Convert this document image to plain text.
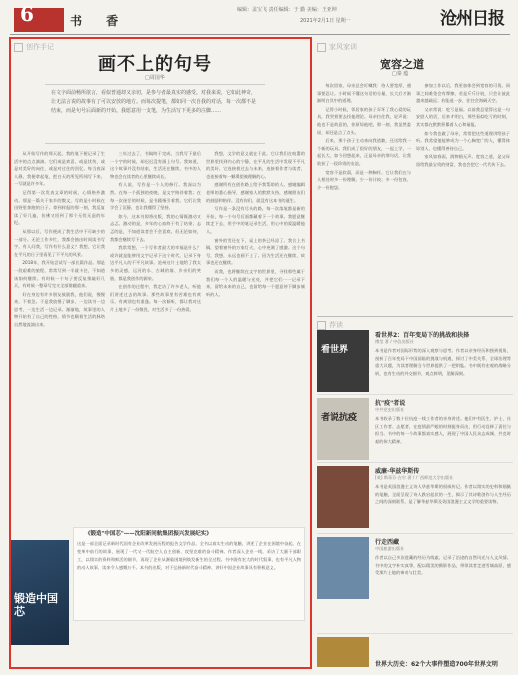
6	书 香
编辑：盖宝飞 责任编辑：于 勤 美编：王亚坤
2021年2月1日 星期一	沧州日报
创作手记
画不上的句号
□周国华
在文字面前畅所欲言，看似普通却又亲切，是参与者最真实的感受。对我来说，它如此神奇，让无法言说的故事有了可以安放的地方。而每次提笔，都如同一次自我的对话，每一次都不是结束，而是句号后面新的开始。我愿意用一支笔，为生活写下更多的注脚……

从开始写作的那天起，我的笔下便记录了生活中的点点滴滴。它们或是欢喜，或是忧伤，或是对美好的向往，或是对过往的回忆。每当夜深人静，我便拿起笔，把白天的所见所闻写下来，一写就是许多年。

记得第一次发表文章的时候，心情格外激动。那是一篇关于家乡的散文，写的是小时候在田野里奔跑的日子。拿到样报的那一刻，我反复读了好几遍，仿佛又回到了那个无忧无虑的年纪。

从那以后，写作便成了我生活中不可缺少的一部分。无论工作多忙，我都会抽出时间读书写字。有人问我，写作有什么意义？我想，它让我在平凡的日子里看见了不平凡的风景。

2018年，我开始尝试写一部长篇作品。那是一段艰难的旅程，常常写到一半就卡住，不知道该如何继续。有时候一个句子要反复推敲好几天，有时候一整章写完又全部推翻重来。

好在身边有许多朋友鼓励我，他们说，慢慢来，不着急。于是我放慢了脚步，一边读书一边思考，一边生活一边记录。渐渐地，故事里的人物开始有了自己的性格，情节也顺着生活的脉络自然地流淌出来。

三年过去了，书稿终于完成。当我写下最后一个字的时候，却迟迟没有画上句号。我知道，这个故事并没有结束，生活还在继续，书中的人物也会在读者的心里继续成长。

有人说，写作是一个人的修行。我深以为然。在每一个孤独的夜晚，是文字陪伴着我；在每一次迷茫的时候，是书籍指引着我。它们让我学会了沉静，也让我懂得了坚持。

如今，这本书即将出版，我的心情既激动又忐忑。激动的是，多年的心血终于有了结果；忐忑的是，不知道读者会不会喜欢。但无论如何，我都会继续写下去。

我常常想，一个写作者最大的幸福是什么？或许就是能够用文字记录下这个时代，记录下身边平凡人的不平凡故事。沧州这片土地给了我太多的灵感，运河的水、古城的墙、乡亲们的笑脸，都是我创作的源泉。

在创作的过程中，我走访了许多老人，听他们讲述过去的故事。那些故事里有苦难也有欢乐，有离别也有重逢。每一次倾听，都让我对这片土地多了一份敬畏，对生活多了一份热爱。

我想，文学的意义就在于此。它让我们在喧嚣的世界里找到内心的宁静，在平凡的生活中发现不平凡的美好。它连接着过去与未来，连接着作者与读者，也连接着每一颗渴望被理解的心。

感谢所有在创作路上给予我帮助的人。感谢编辑老师的悉心指导，感谢家人的默默支持，感谢朋友们的鼓励和陪伴。没有你们，就没有这本书的诞生。

写作是一条没有尽头的路。每一次落笔都是新的开始，每一个句号后面都藏着下一个故事。我愿意继续走下去，用手中的笔记录生活，用心中的爱温暖他人。

窗外的雪还在下，桌上的茶已经凉了。我合上书稿，望着窗外的万家灯火，心中充满了感激。这个句号，我想，永远也画不上了。因为生活还在继续，故事也还在继续。

而我，也将继续在文字的世界里，寻找那些属于我们每一个人的温暖与光亮，并把它们一一记录下来，留给未来的自己，也留给每一个愿意停下脚步倾听的人。

锻造中国芯
《锻造"中国芯"——沈阳新同航集团振兴发展纪实》
这是一部全面记录新时代国有企业改革发展历程的报告文学作品。全书以真实生动的笔触，讲述了企业在困境中奋起、在变革中前行的故事，展现了一代又一代航空人自主创新、攻坚克难的奋斗精神。作者深入企业一线，采访了大量干部职工，以翔实的资料和鲜活的细节，再现了企业从濒临困境到焕发新生的全过程。书中既有宏大的时代叙事，也有平凡人物的动人故事，读来令人感慨万千。本书的出版，对于弘扬新时代奋斗精神、讲好中国企业故事具有积极意义。
家风家训
宽容之道
□秦 蕴

每次回家，母亲总会叮嘱我：待人要宽厚，遇事要忍让。小时候不懂这句话的分量，长大后才渐渐明白其中的道理。

记得小时候，邻居家的孩子弄坏了我心爱的玩具，我哭着要去找他理论。母亲拉住我，轻声说：他也不是故意的，你原谅他吧。那一刻，我虽然委屈，却还是点了点头。

后来，那个孩子主动来向我道歉，还送给我一个新的玩具。我们成了很好的朋友，一起上学，一起长大。如今回想起来，正是母亲的那句话，让我收获了一段珍贵的友谊。

宽容不是软弱，而是一种胸怀。它让我们在与人相处时多一份理解，少一份计较；多一份包容，少一份抱怨。

参加工作以后，我更加体会到宽容的可贵。同事之间难免会有摩擦，若是斤斤计较，只会让彼此越来越疏远；若能退一步，往往会海阔天空。

父亲常说：吃亏是福。以前我总觉得这是一句安慰人的话，后来才明白，那些看似吃亏的时刻，其实都在默默积累着人心和福报。

如今我也做了母亲，常常把这些道理讲给孩子听。我希望他能够成为一个心胸宽广的人，懂得体谅别人，也懂得善待自己。

家风如春雨，润物细无声。宽容之道，是父母留给我最宝贵的财富，我也会把它一代代传下去。

荐读
看世界
看世界2：百年变局下的挑战和抉择
傅莹 著 / 中信出版社
本书是作者对国际形势的深入观察与思考。作者以亲身经历和独到视角，剖析了百年变局下中国面临的挑战与机遇，探讨了中美关系、全球治理等重大议题，为读者理解当今世界提供了一把钥匙。书中既有宏观的战略分析，也有生动的外交细节，观点鲜明，见解深刻。
者说抗疫
抗"疫"者说
中共党史出版社
本书收录了数十位抗疫一线工作者的亲身讲述。他们中有医生、护士、社区工作者、志愿者，在疫情最严峻的时刻挺身而出，用行动诠释了责任与担当。书中的每一个故事都真实感人，展现了中国人民众志成城、共克时艰的伟大精神。
威廉·华兹华斯传
[英] 斯蒂芬·吉尔 著 / 广西师范大学出版社
本书是英国浪漫主义诗人华兹华斯的权威传记。作者以翔实的史料和细腻的笔触，全面呈现了诗人跌宕起伏的一生，揭示了其诗歌创作与人生经历之间的深刻联系，是了解华兹华斯及英国浪漫主义文学的重要读物。
行走西藏
中国旅游出版社
作者以自己多次进藏的经历为线索，记录了沿途的自然风光与人文风情。书中的文字朴实真挚，配以精美的摄影作品，带领读者走进雪域高原，感受那片土地的神奇与壮美。
世界大历史：62个大事件塑造700年世界文明
